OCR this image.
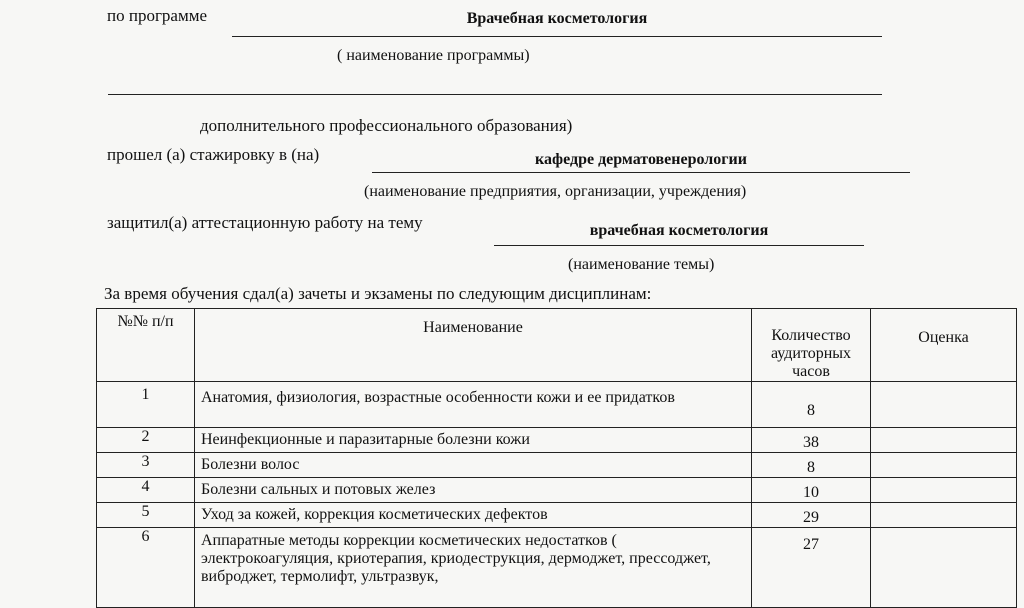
по программе	Врачебная косметология
( наименование программы)
дополнительного профессионального образования)
прошел (а) стажировку в (на)	кафедре дерматовенерологии
(наименование предприятия, организации, учреждения)
защитил(а) аттестационную работу на тему	врачебная косметология
(наименование темы)
За время обучения сдал(а) зачеты и экзамены по следующим дисциплинам:
№№ п/п	Наименование	Количество аудиторных часов	Оценка
1	Анатомия, физиология, возрастные особенности кожи и ее придатков	8	
2	Неинфекционные и паразитарные болезни кожи	38	
3	Болезни волос	8	
4	Болезни сальных и потовых желез	10	
5	Уход за кожей, коррекция косметических дефектов	29	
6	Аппаратные методы коррекции косметических недостатков ( электрокоагуляция, криотерапия, криодеструкция, дермоджет, прессоджет, виброджет, термолифт, ультразвук,	27	
